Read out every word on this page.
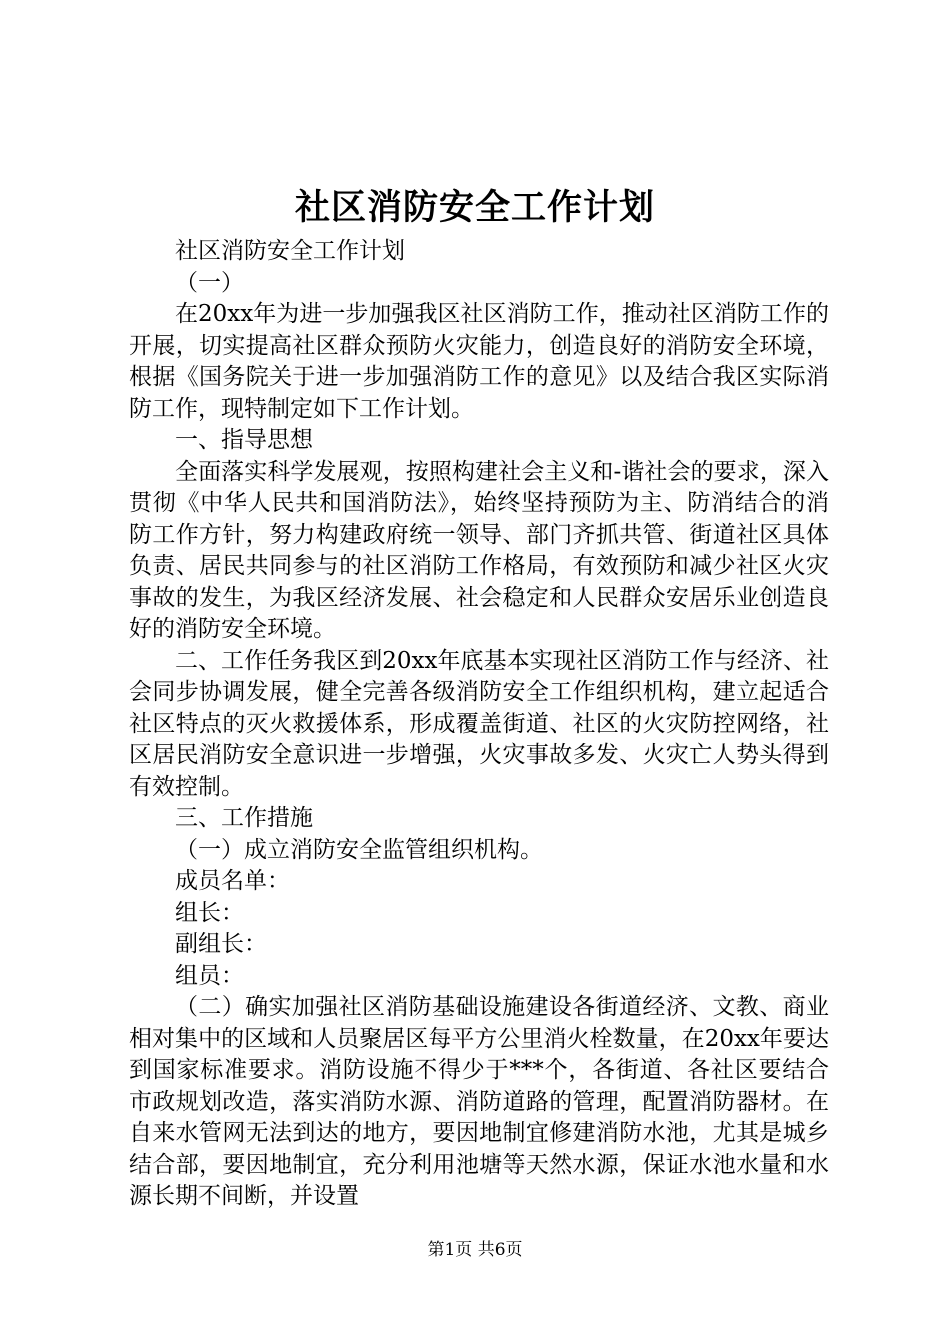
社区消防安全工作计划

社区消防安全工作计划

（一）

在20xx年为进一步加强我区社区消防工作，推动社区消防工作的开展，切实提高社区群众预防火灾能力，创造良好的消防安全环境，根据《国务院关于进一步加强消防工作的意见》以及结合我区实际消防工作，现特制定如下工作计划。

一、指导思想

全面落实科学发展观，按照构建社会主义和-谐社会的要求，深入贯彻《中华人民共和国消防法》，始终坚持预防为主、防消结合的消防工作方针，努力构建政府统一领导、部门齐抓共管、街道社区具体负责、居民共同参与的社区消防工作格局，有效预防和减少社区火灾事故的发生，为我区经济发展、社会稳定和人民群众安居乐业创造良好的消防安全环境。

二、工作任务我区到20xx年底基本实现社区消防工作与经济、社会同步协调发展，健全完善各级消防安全工作组织机构，建立起适合社区特点的灭火救援体系，形成覆盖街道、社区的火灾防控网络，社区居民消防安全意识进一步增强，火灾事故多发、火灾亡人势头得到有效控制。

三、工作措施

（一）成立消防安全监管组织机构。

成员名单：

组长：

副组长：

组员：

（二）确实加强社区消防基础设施建设各街道经济、文教、商业相对集中的区域和人员聚居区每平方公里消火栓数量，在20xx年要达到国家标准要求。消防设施不得少于***个，各街道、各社区要结合市政规划改造，落实消防水源、消防道路的管理，配置消防器材。在自来水管网无法到达的地方，要因地制宜修建消防水池，尤其是城乡结合部，要因地制宜，充分利用池塘等天然水源，保证水池水量和水源长期不间断，并设置

第1页 共6页
